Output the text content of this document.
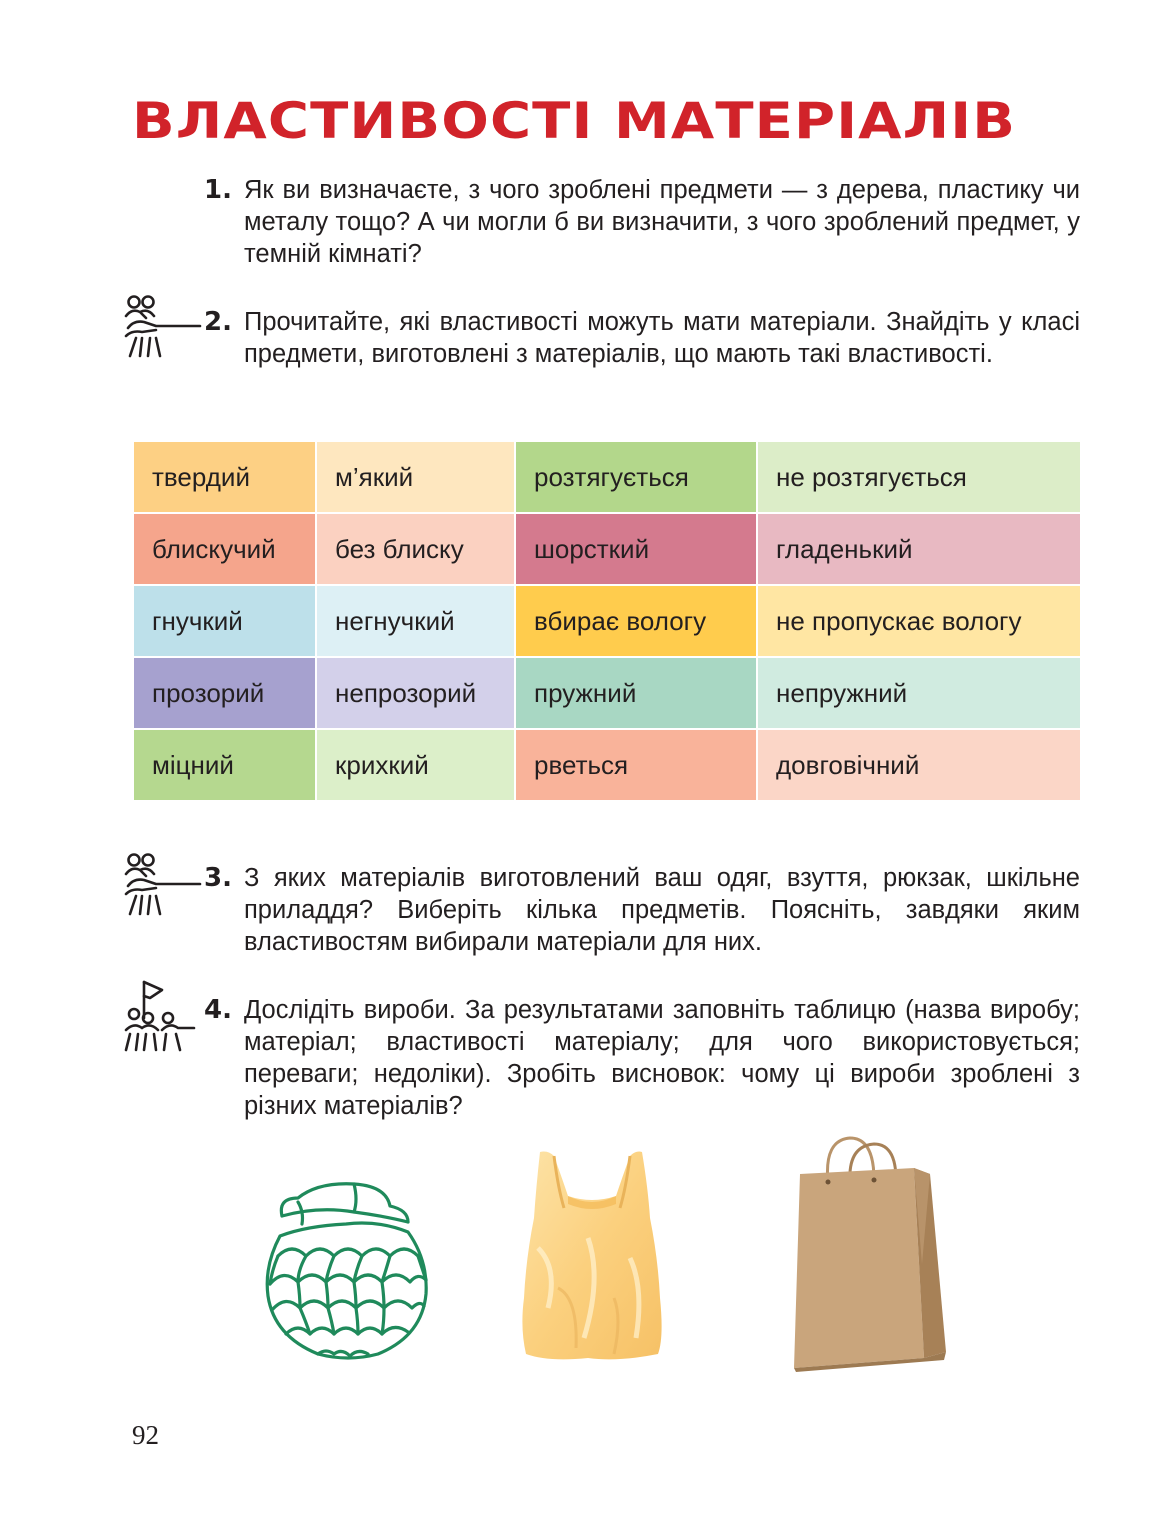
ВЛАСТИВОСТІ МАТЕРІАЛІВ
1. Як ви визначаєте, з чого зроблені предмети — з дерева, пластику чи металу тощо? А чи могли б ви визначити, з чого зроблений предмет, у темній кімнаті?

2. Прочитайте, які властивості можуть мати матеріали. Знайдіть у класі предмети, виготовлені з матеріалів, що мають такі властивості.

твердий	м’який	розтягується	не розтягується
блискучий	без блиску	шорсткий	гладенький
гнучкий	негнучкий	вбирає вологу	не пропускає вологу
прозорий	непрозорий	пружний	непружний
міцний	крихкий	рветься	довговічний
3. З яких матеріалів виготовлений ваш одяг, взуття, рюкзак, шкільне приладдя? Виберіть кілька предметів. Поясніть, завдяки яким властивостям вибирали матеріали для них.

4. Дослідіть вироби. За результатами заповніть таблицю (назва виробу; матеріал; властивості матеріалу; для чого використовується; переваги; недоліки). Зробіть висновок: чому ці вироби зроблені з різних матеріалів?

92
